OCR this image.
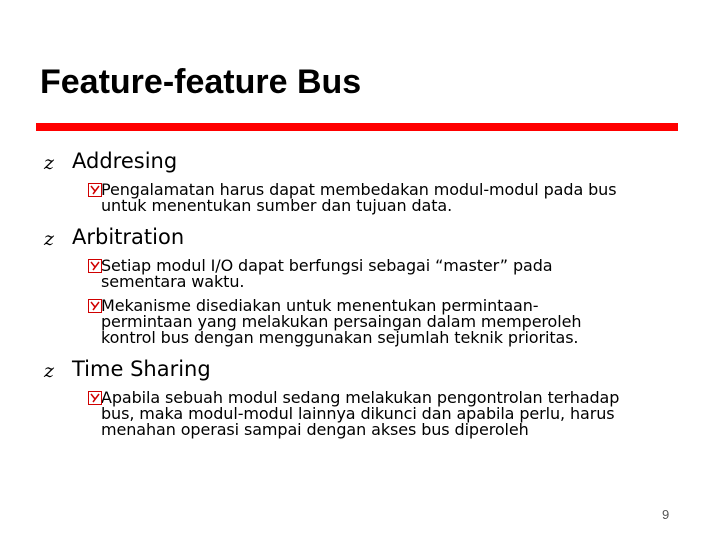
Feature-feature Bus
z Addresing
Pengalamatan harus dapat membedakan modul-modul pada bus
untuk menentukan sumber dan tujuan data.
z Arbitration
Setiap modul I/O dapat berfungsi sebagai “master” pada
sementara waktu.
Mekanisme disediakan untuk menentukan permintaan-
permintaan yang melakukan persaingan dalam memperoleh
kontrol bus dengan menggunakan sejumlah teknik prioritas.
z Time Sharing
Apabila sebuah modul sedang melakukan pengontrolan terhadap
bus, maka modul-modul lainnya dikunci dan apabila perlu, harus
menahan operasi sampai dengan akses bus diperoleh
9
